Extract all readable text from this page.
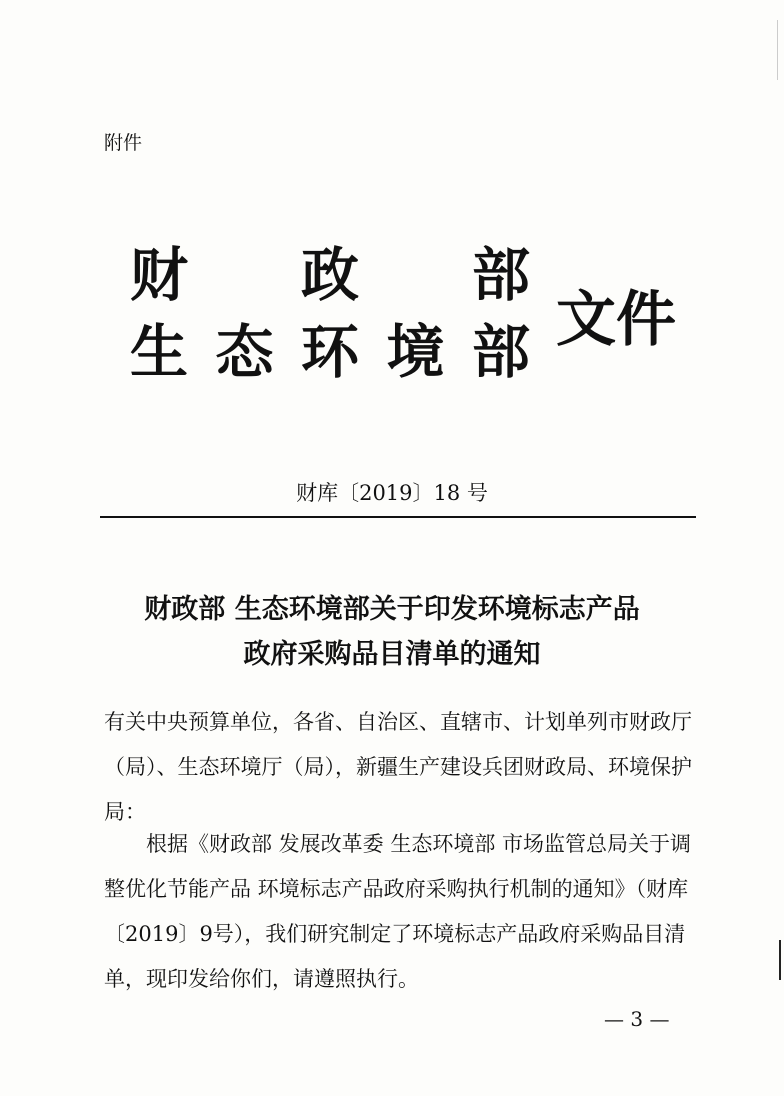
附件
财 政 部
生 态 环 境 部 文件
财库〔2019〕18 号
财政部 生态环境部关于印发环境标志产品
政府采购品目清单的通知
有关中央预算单位，各省、自治区、直辖市、计划单列市财政厅（局）、生态环境厅（局），新疆生产建设兵团财政局、环境保护局：
根据《财政部 发展改革委 生态环境部 市场监管总局关于调整优化节能产品 环境标志产品政府采购执行机制的通知》（财库〔2019〕9号），我们研究制定了环境标志产品政府采购品目清单，现印发给你们，请遵照执行。
— 3 —
